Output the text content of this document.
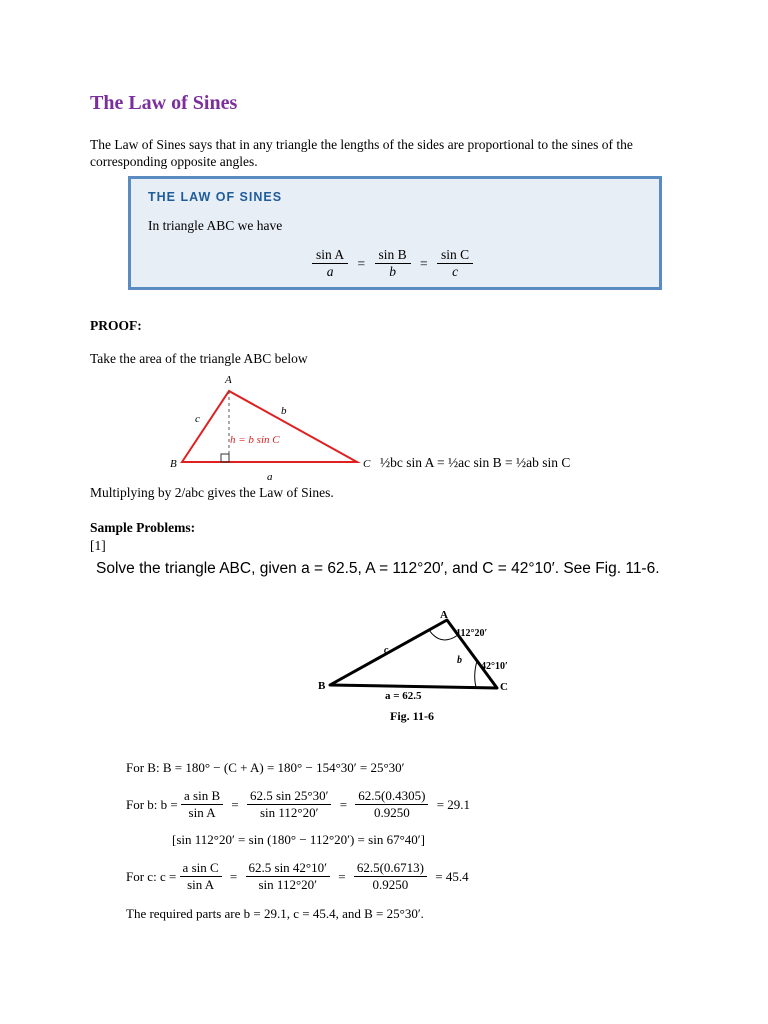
The Law of Sines

The Law of Sines says that in any triangle the lengths of the sides are proportional to the sines of the corresponding opposite angles.

THE LAW OF SINES
In triangle ABC we have
$\frac{\text{sin A}}{a} = \frac{\text{sin B}}{b} = \frac{\text{sin C}}{c}$
PROOF:
Take the area of the triangle ABC below
A
B	C
c
b
a
h = b sin C
½bc sin A = ½ac sin B = ½ab sin C
Multiplying by 2/abc gives the Law of Sines.
Sample Problems:
[1]
Solve the triangle ABC, given a = 62.5, A = 112°20′, and C = 42°10′. See Fig. 11-6.
A
B	C
112°20′
42°10′
b
c
a = 62.5
Fig. 11-6
For B: B = 180° − (C + A) = 180° − 154°30′ = 25°30′
For b: $b = \frac{\text{a sin B}}{\text{sin A}} = \frac{62.5 \sin 25^\circ 30'}{\sin 112^\circ 20'} = \frac{62.5(0.4305)}{0.9250} = 29.1$
[sin 112°20′ = sin (180° − 112°20′) = sin 67°40′]
For c: $c = \frac{\text{a sin C}}{\text{sin A}} = \frac{62.5 \sin 42^\circ 10'}{\sin 112^\circ 20'} = \frac{62.5(0.6713)}{0.9250} = 45.4$
The required parts are b = 29.1, c = 45.4, and B = 25°30′.
